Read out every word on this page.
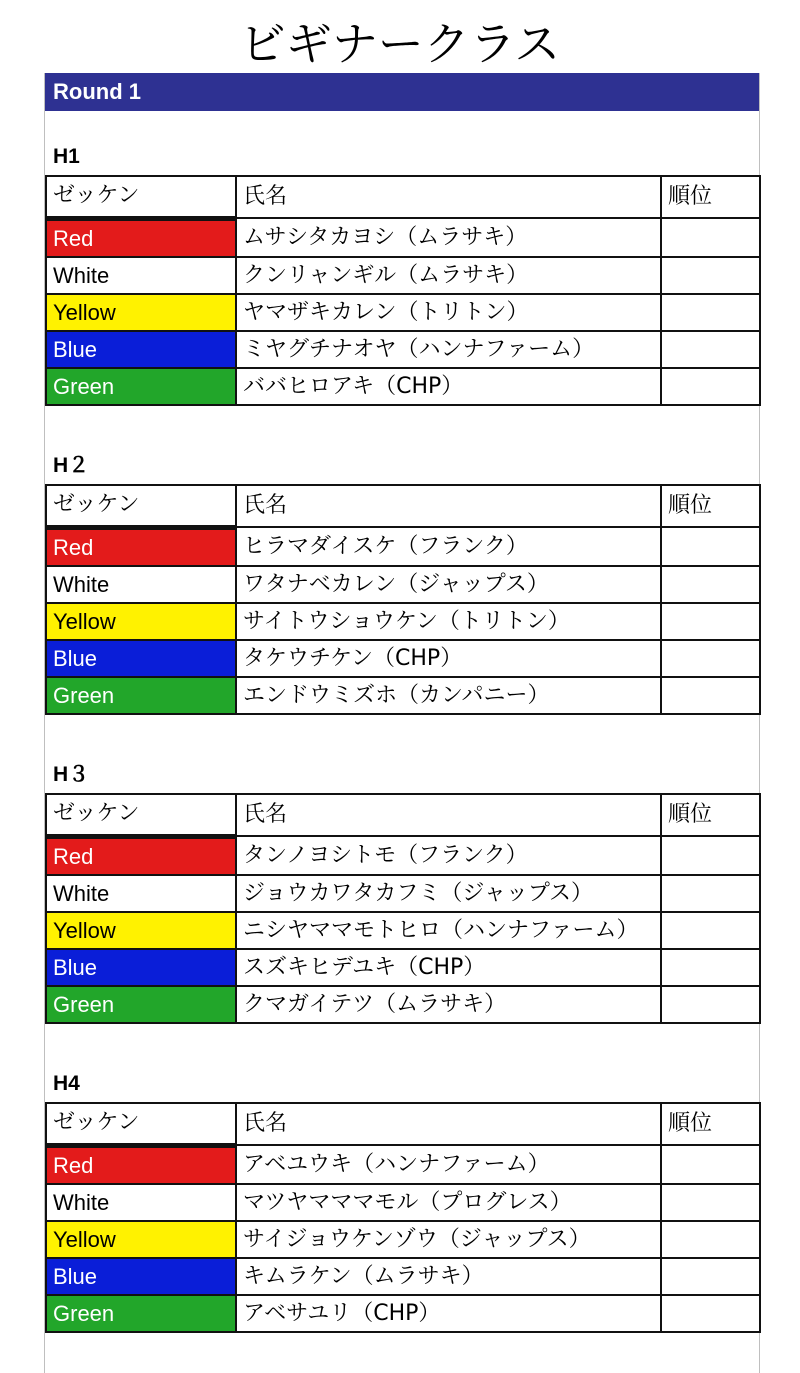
ビギナークラス
Round 1
H1
ゼッケン	氏名	順位
Red	ムサシタカヨシ（ムラサキ）	
White	クンリャンギル（ムラサキ）	
Yellow	ヤマザキカレン（トリトン）	
Blue	ミヤグチナオヤ（ハンナファーム）	
Green	ババヒロアキ（CHP）	
H２
ゼッケン	氏名	順位
Red	ヒラマダイスケ（フランク）	
White	ワタナベカレン（ジャップス）	
Yellow	サイトウショウケン（トリトン）	
Blue	タケウチケン（CHP）	
Green	エンドウミズホ（カンパニー）	
H３
ゼッケン	氏名	順位
Red	タンノヨシトモ（フランク）	
White	ジョウカワタカフミ（ジャップス）	
Yellow	ニシヤママモトヒロ（ハンナファーム）	
Blue	スズキヒデユキ（CHP）	
Green	クマガイテツ（ムラサキ）	
H4
ゼッケン	氏名	順位
Red	アベユウキ（ハンナファーム）	
White	マツヤマママモル（プログレス）	
Yellow	サイジョウケンゾウ（ジャップス）	
Blue	キムラケン（ムラサキ）	
Green	アベサユリ（CHP）	
